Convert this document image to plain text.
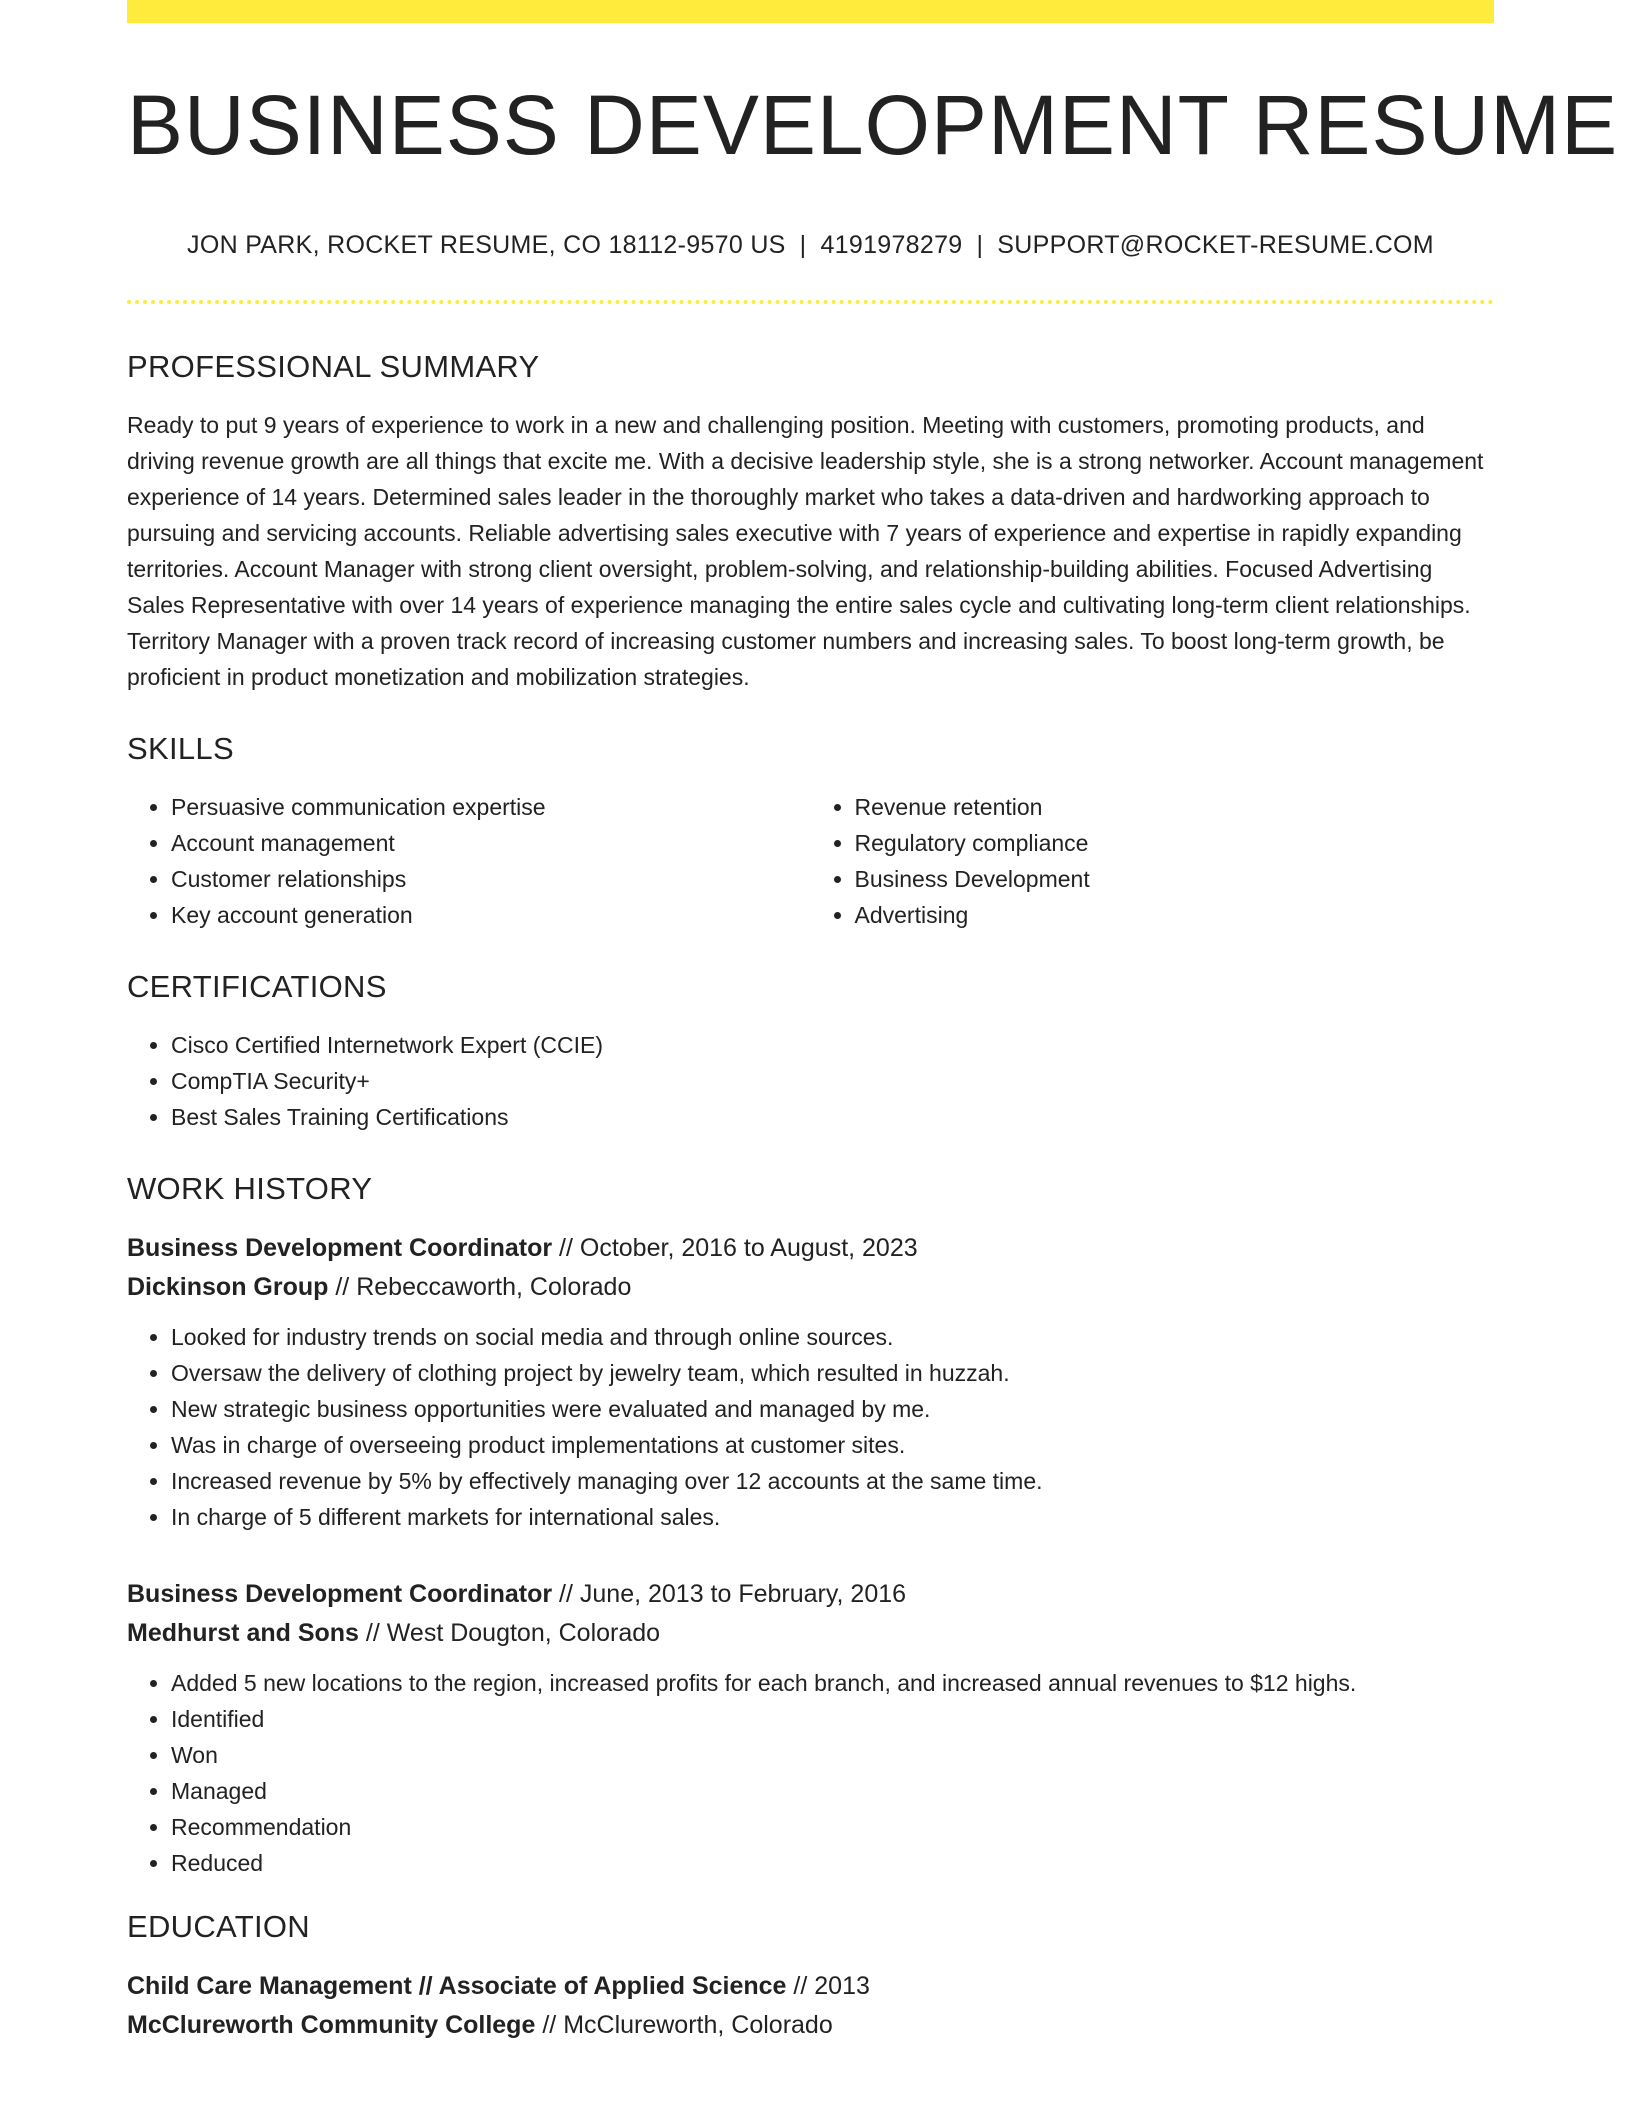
BUSINESS DEVELOPMENT RESUME
JON PARK, ROCKET RESUME, CO 18112-9570 US | 4191978279 | SUPPORT@ROCKET-RESUME.COM
PROFESSIONAL SUMMARY
Ready to put 9 years of experience to work in a new and challenging position. Meeting with customers, promoting products, and driving revenue growth are all things that excite me. With a decisive leadership style, she is a strong networker. Account management experience of 14 years. Determined sales leader in the thoroughly market who takes a data-driven and hardworking approach to pursuing and servicing accounts. Reliable advertising sales executive with 7 years of experience and expertise in rapidly expanding territories. Account Manager with strong client oversight, problem-solving, and relationship-building abilities. Focused Advertising Sales Representative with over 14 years of experience managing the entire sales cycle and cultivating long-term client relationships. Territory Manager with a proven track record of increasing customer numbers and increasing sales. To boost long-term growth, be proficient in product monetization and mobilization strategies.
SKILLS
• Persuasive communication expertise
• Account management
• Customer relationships
• Key account generation
• Revenue retention
• Regulatory compliance
• Business Development
• Advertising
CERTIFICATIONS
• Cisco Certified Internetwork Expert (CCIE)
• CompTIA Security+
• Best Sales Training Certifications
WORK HISTORY
Business Development Coordinator // October, 2016 to August, 2023
Dickinson Group // Rebeccaworth, Colorado
• Looked for industry trends on social media and through online sources.
• Oversaw the delivery of clothing project by jewelry team, which resulted in huzzah.
• New strategic business opportunities were evaluated and managed by me.
• Was in charge of overseeing product implementations at customer sites.
• Increased revenue by 5% by effectively managing over 12 accounts at the same time.
• In charge of 5 different markets for international sales.
Business Development Coordinator // June, 2013 to February, 2016
Medhurst and Sons // West Dougton, Colorado
• Added 5 new locations to the region, increased profits for each branch, and increased annual revenues to $12 highs.
• Identified
• Won
• Managed
• Recommendation
• Reduced
EDUCATION
Child Care Management // Associate of Applied Science // 2013
McClureworth Community College // McClureworth, Colorado
